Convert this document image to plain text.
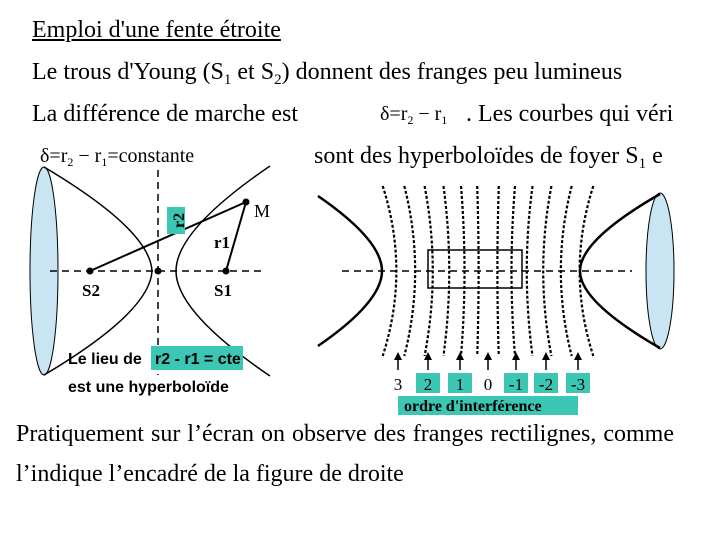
Emploi d'une fente étroite
Le trous d'Young ($S_1$ et $S_2$) donnent des franges peu lumineus
La différence de marche est	$\delta=r_2 - r_1$ . Les courbes qui véri
$\delta=r_2$ − $r_1=constante$	sont des hyperboloïdes de foyer $S_1$ e
M
r2
r1
S2	S1
Le lieu de r2 - r1 = cte
est une hyperboloïde	3 2 1 0 -1 -2 -3
ordre d'interférence
Pratiquement sur l’écran on observe des franges rectilignes, comme l’indique l’encadré de la figure de droite
